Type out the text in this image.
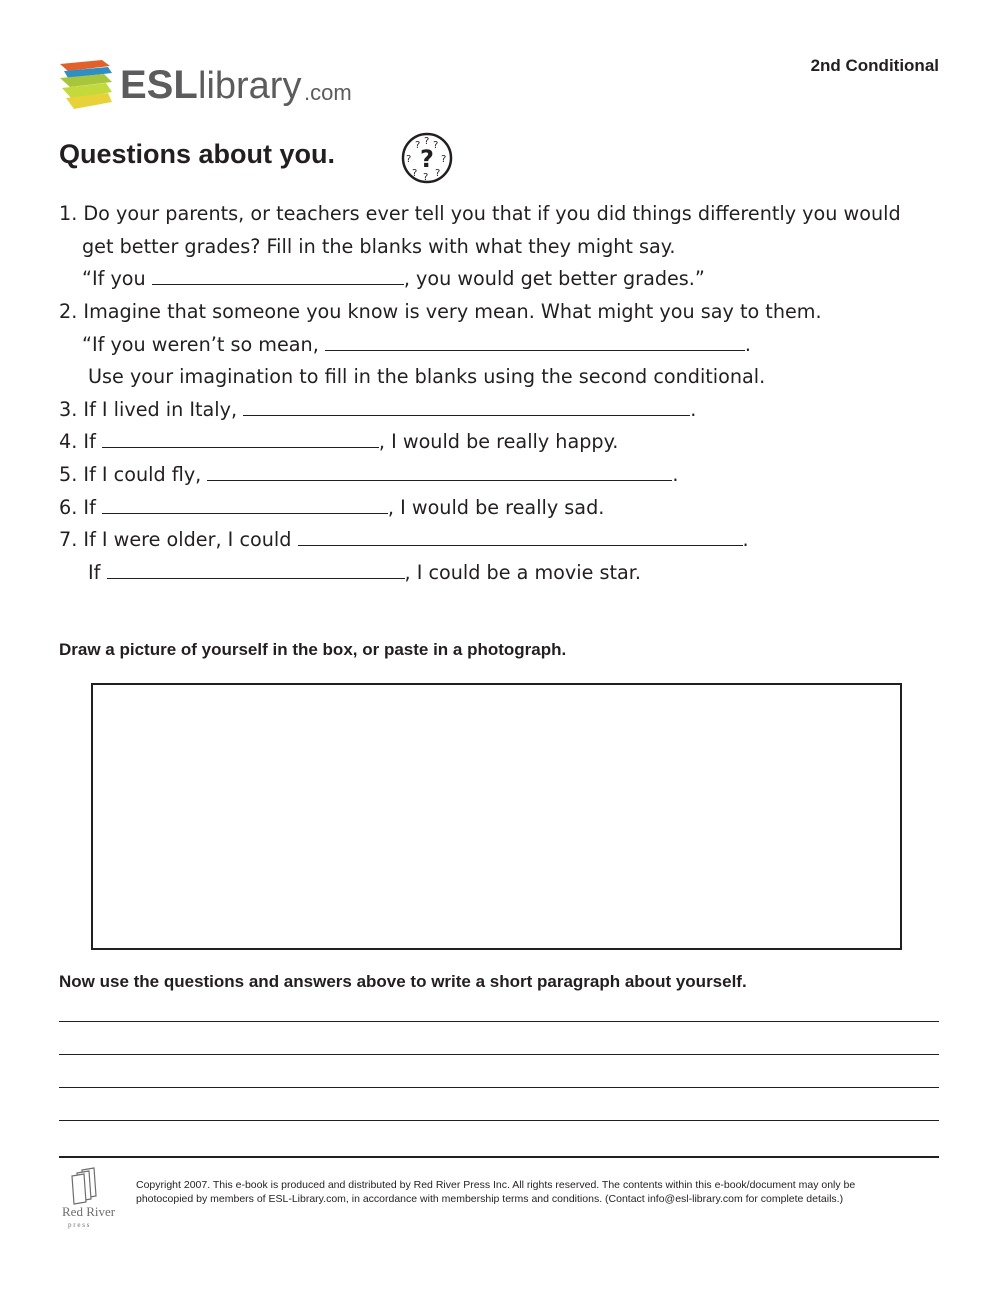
ESL library .com
2nd Conditional
Questions about you.	?
? ? ?
?	?
? ? ?
1. Do your parents, or teachers ever tell you that if you did things differently you would
get better grades? Fill in the blanks with what they might say.
“If you	, you would get better grades.”
2. Imagine that someone you know is very mean. What might you say to them.
“If you weren’t so mean,	.
Use your imagination to fill in the blanks using the second conditional.
3. If I lived in Italy,	.
4. If	, I would be really happy.
5. If I could fly,	.
6. If	, I would be really sad.
7. If I were older, I could	.
If	, I could be a movie star.
Draw a picture of yourself in the box, or paste in a photograph.
Now use the questions and answers above to write a short paragraph about yourself.
Red River
p r e s s
Copyright 2007. This e-book is produced and distributed by Red River Press Inc. All rights reserved. The contents within this e-book/document may only be
photocopied by members of ESL-Library.com, in accordance with membership terms and conditions. (Contact info@esl-library.com for complete details.)
